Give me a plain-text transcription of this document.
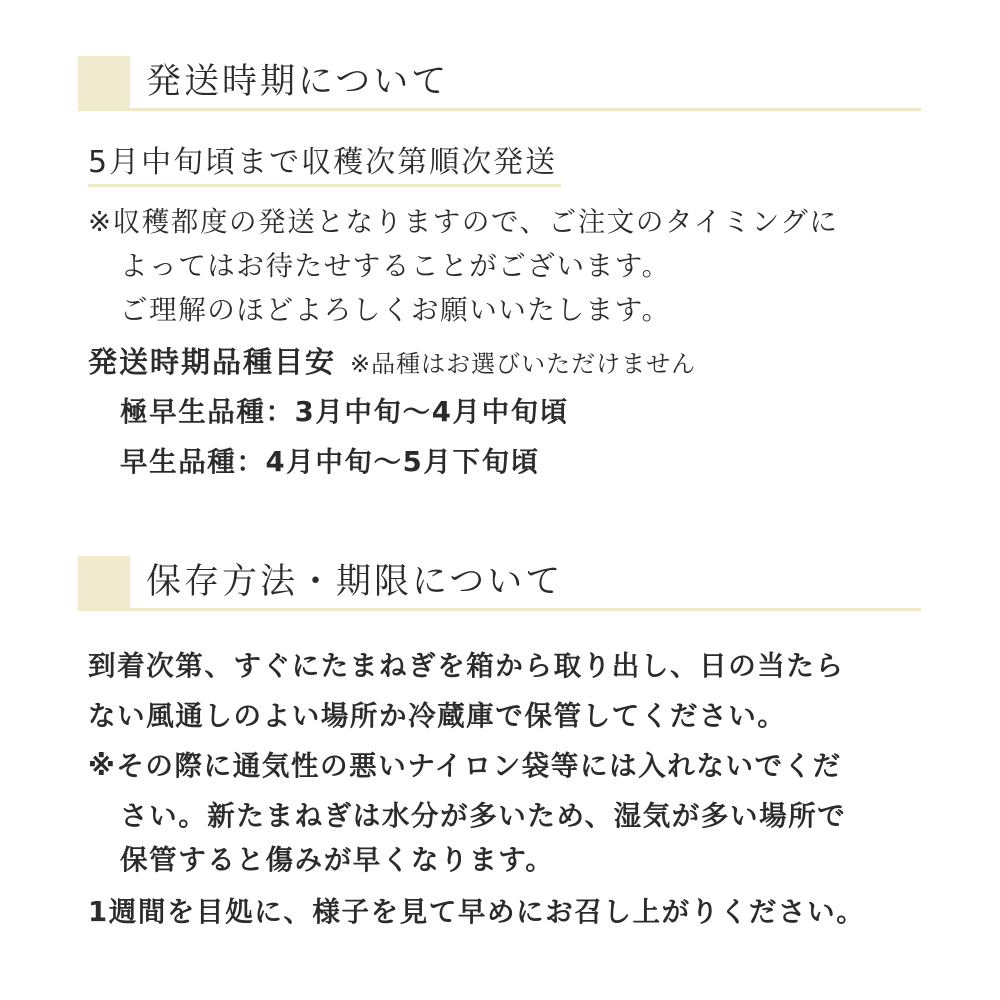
発送時期について
5月中旬頃まで収穫次第順次発送
※収穫都度の発送となりますので、ご注文のタイミングに
よってはお待たせすることがございます。
ご理解のほどよろしくお願いいたします。
発送時期品種目安 ※品種はお選びいただけません
極早生品種：3月中旬〜4月中旬頃
早生品種：4月中旬〜5月下旬頃
保存方法・期限について
到着次第、すぐにたまねぎを箱から取り出し、日の当たら
ない風通しのよい場所か冷蔵庫で保管してください。
※その際に通気性の悪いナイロン袋等には入れないでくだ
さい。新たまねぎは水分が多いため、湿気が多い場所で
保管すると傷みが早くなります。
1週間を目処に、様子を見て早めにお召し上がりください。
